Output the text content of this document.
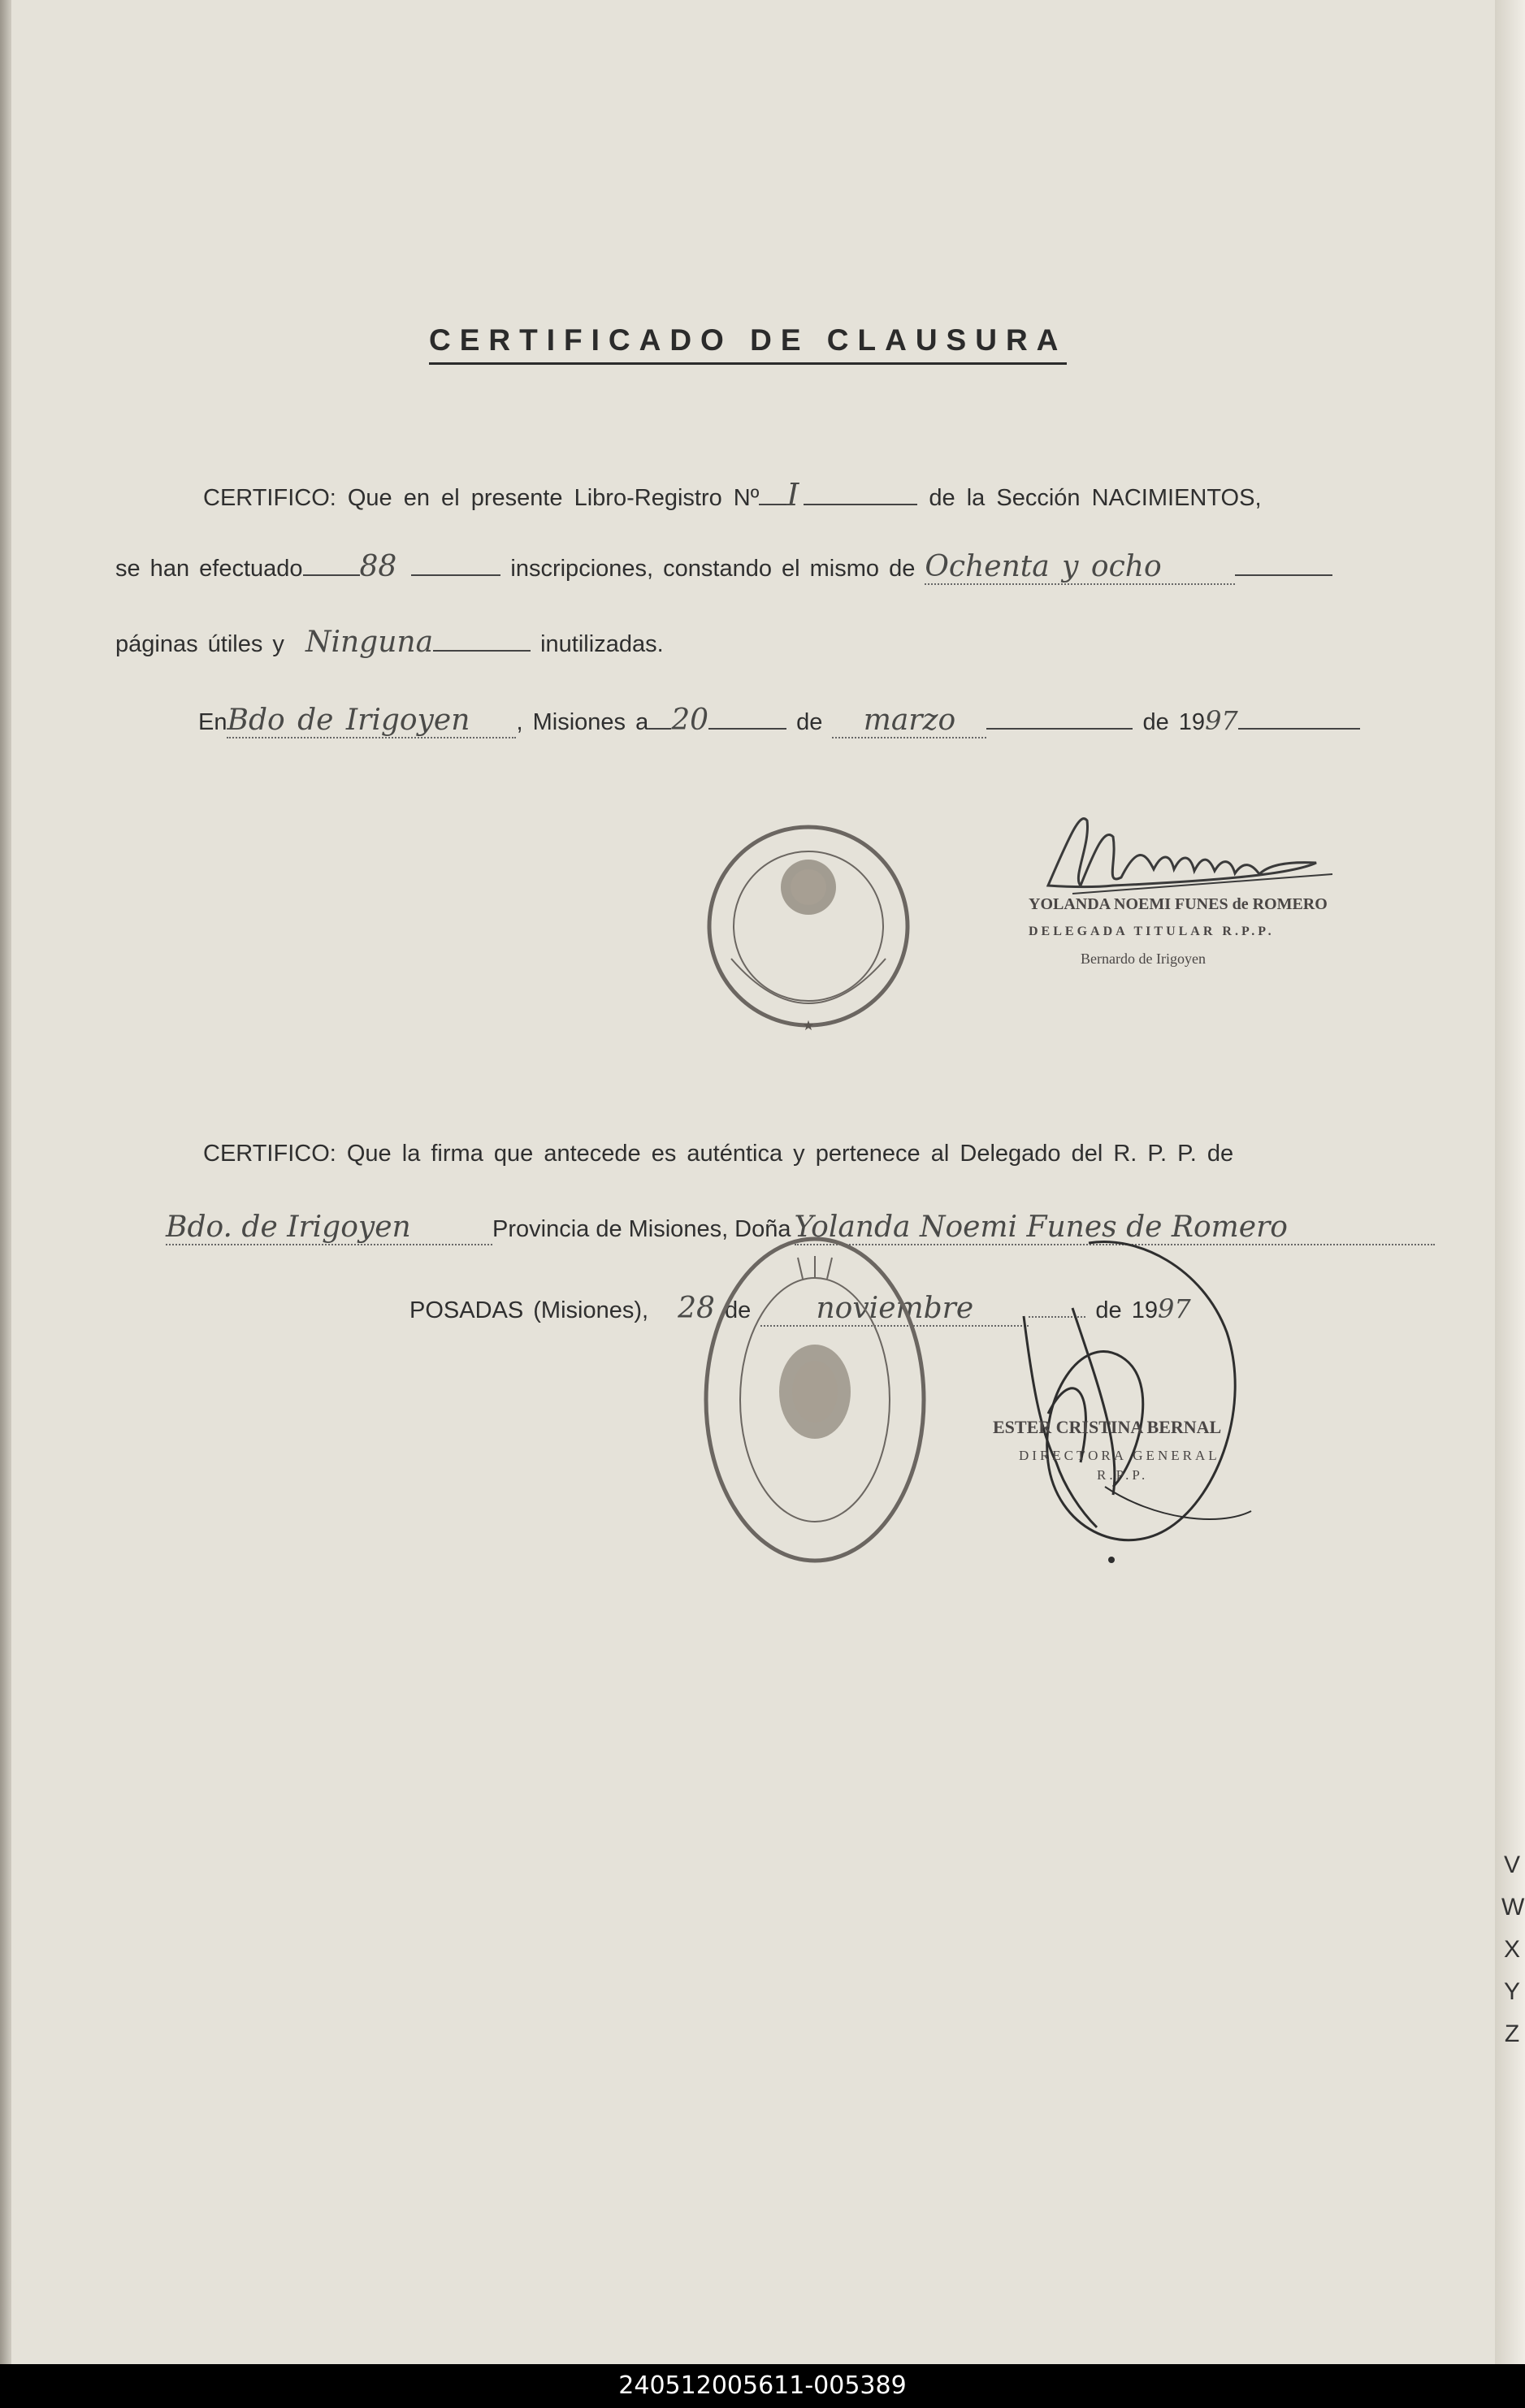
CERTIFICADO DE CLAUSURA
CERTIFICO: Que en el presente Libro-Registro Nº I	de la Sección NACIMIENTOS,
se han efectuado 88	inscripciones, constando el mismo de Ochenta y ocho
páginas útiles y Ninguna	inutilizadas.
EnBdo de Irigoyen , Misiones a 20	de marzo	de 1997
★
YOLANDA NOEMI FUNES de ROMERO
DELEGADA TITULAR R.P.P.
Bernardo de Irigoyen
CERTIFICO: Que la firma que antecede es auténtica y pertenece al Delegado del R. P. P. de
Bdo. de Irigoyen	Provincia de Misiones, Doña Yolanda Noemi Funes de Romero
POSADAS (Misiones), 28 de noviembre	de 1997
ESTER CRISTINA BERNAL
DIRECTORA GENERAL
R.P.P.
V
W
X
Y
Z
240512005611-005389
